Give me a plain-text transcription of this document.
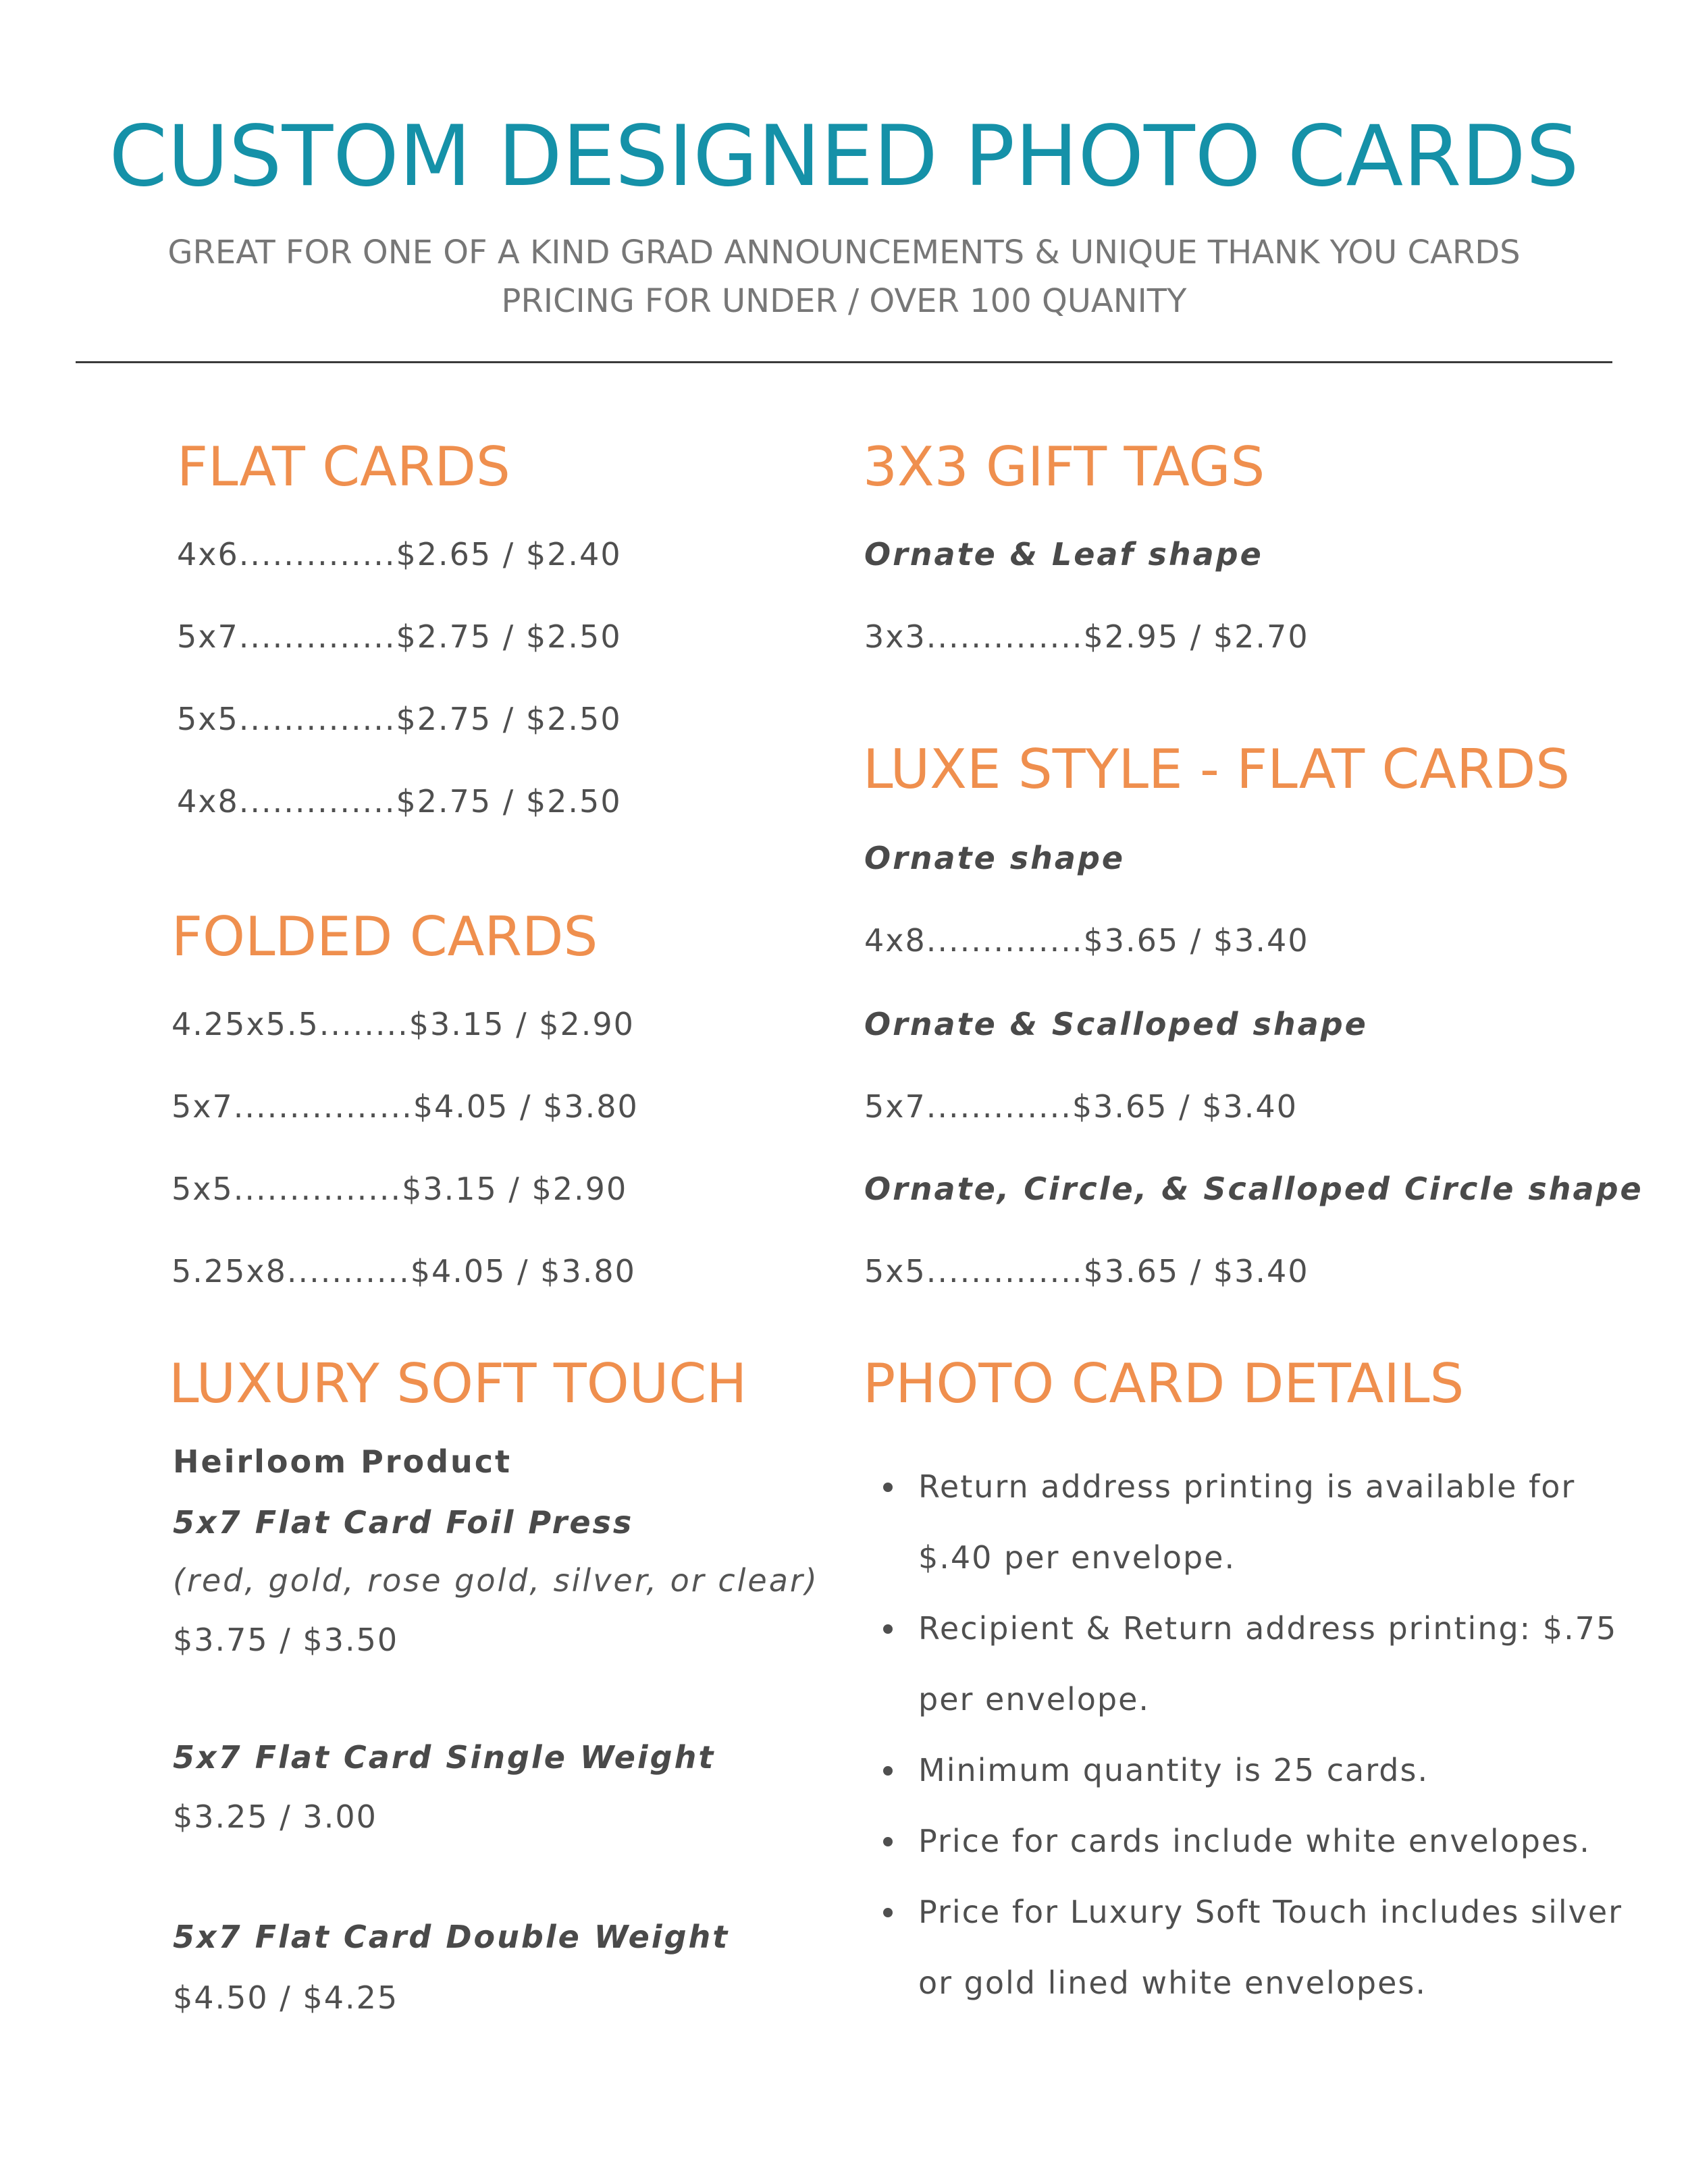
CUSTOM DESIGNED PHOTO CARDS

GREAT FOR ONE OF A KIND GRAD ANNOUNCEMENTS & UNIQUE THANK YOU CARDS

PRICING FOR UNDER / OVER 100 QUANITY

FLAT CARDS

4x6..............$2.65 / $2.40

5x7..............$2.75 / $2.50

5x5..............$2.75 / $2.50

4x8..............$2.75 / $2.50

FOLDED CARDS

4.25x5.5........$3.15 / $2.90

5x7................$4.05 / $3.80

5x5...............$3.15 / $2.90

5.25x8...........$4.05 / $3.80

LUXURY SOFT TOUCH

Heirloom Product

5x7 Flat Card Foil Press

(red, gold, rose gold, silver, or clear)

$3.75 / $3.50

5x7 Flat Card Single Weight

$3.25 / 3.00

5x7 Flat Card Double Weight

$4.50 / $4.25

3X3 GIFT TAGS

Ornate & Leaf shape

3x3..............$2.95 / $2.70

LUXE STYLE - FLAT CARDS

Ornate shape

4x8..............$3.65 / $3.40

Ornate & Scalloped shape

5x7.............$3.65 / $3.40

Ornate, Circle, & Scalloped Circle shape

5x5..............$3.65 / $3.40

PHOTO CARD DETAILS
Return address printing is available for
$.40 per envelope.
Recipient & Return address printing: $.75
per envelope.
Minimum quantity is 25 cards.
Price for cards include white envelopes.
Price for Luxury Soft Touch includes silver
or gold lined white envelopes.
